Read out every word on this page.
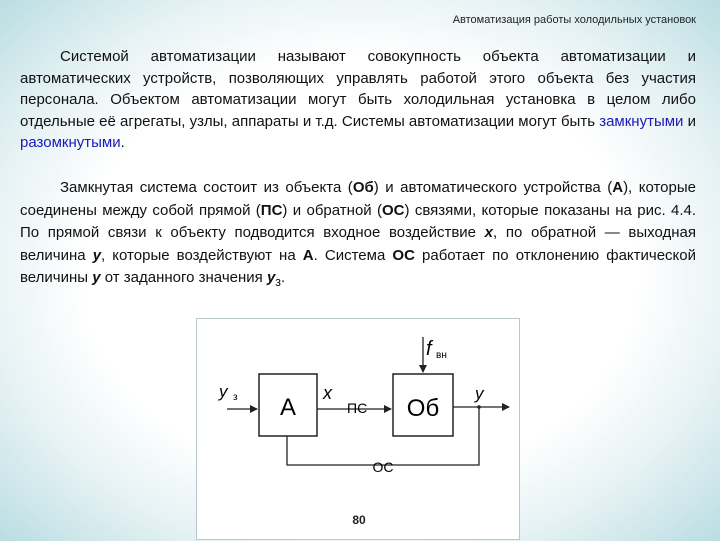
Автоматизация работы холодильных установок

Системой автоматизации называют совокупность объекта автоматизации и автоматических устройств, позволяющих управлять работой этого объекта без участия персонала. Объектом автоматизации могут быть холодильная установка в целом либо отдельные её агрегаты, узлы, аппараты и т.д. Системы автоматизации могут быть замкнутыми и разомкнутыми.

Замкнутая система состоит из объекта (Об) и автоматического устройства (А), которые соединены между собой прямой (ПС) и обратной (ОС) связями, которые показаны на рис. 4.4. По прямой связи к объекту подводится входное воздействие x, по обратной — выходная величина y, которые воздействуют на А. Система ОС работает по отклонению фактической величины y от заданного значения $y_з$.

у з А
х
ПС Об
f вн
у
ОС
80
